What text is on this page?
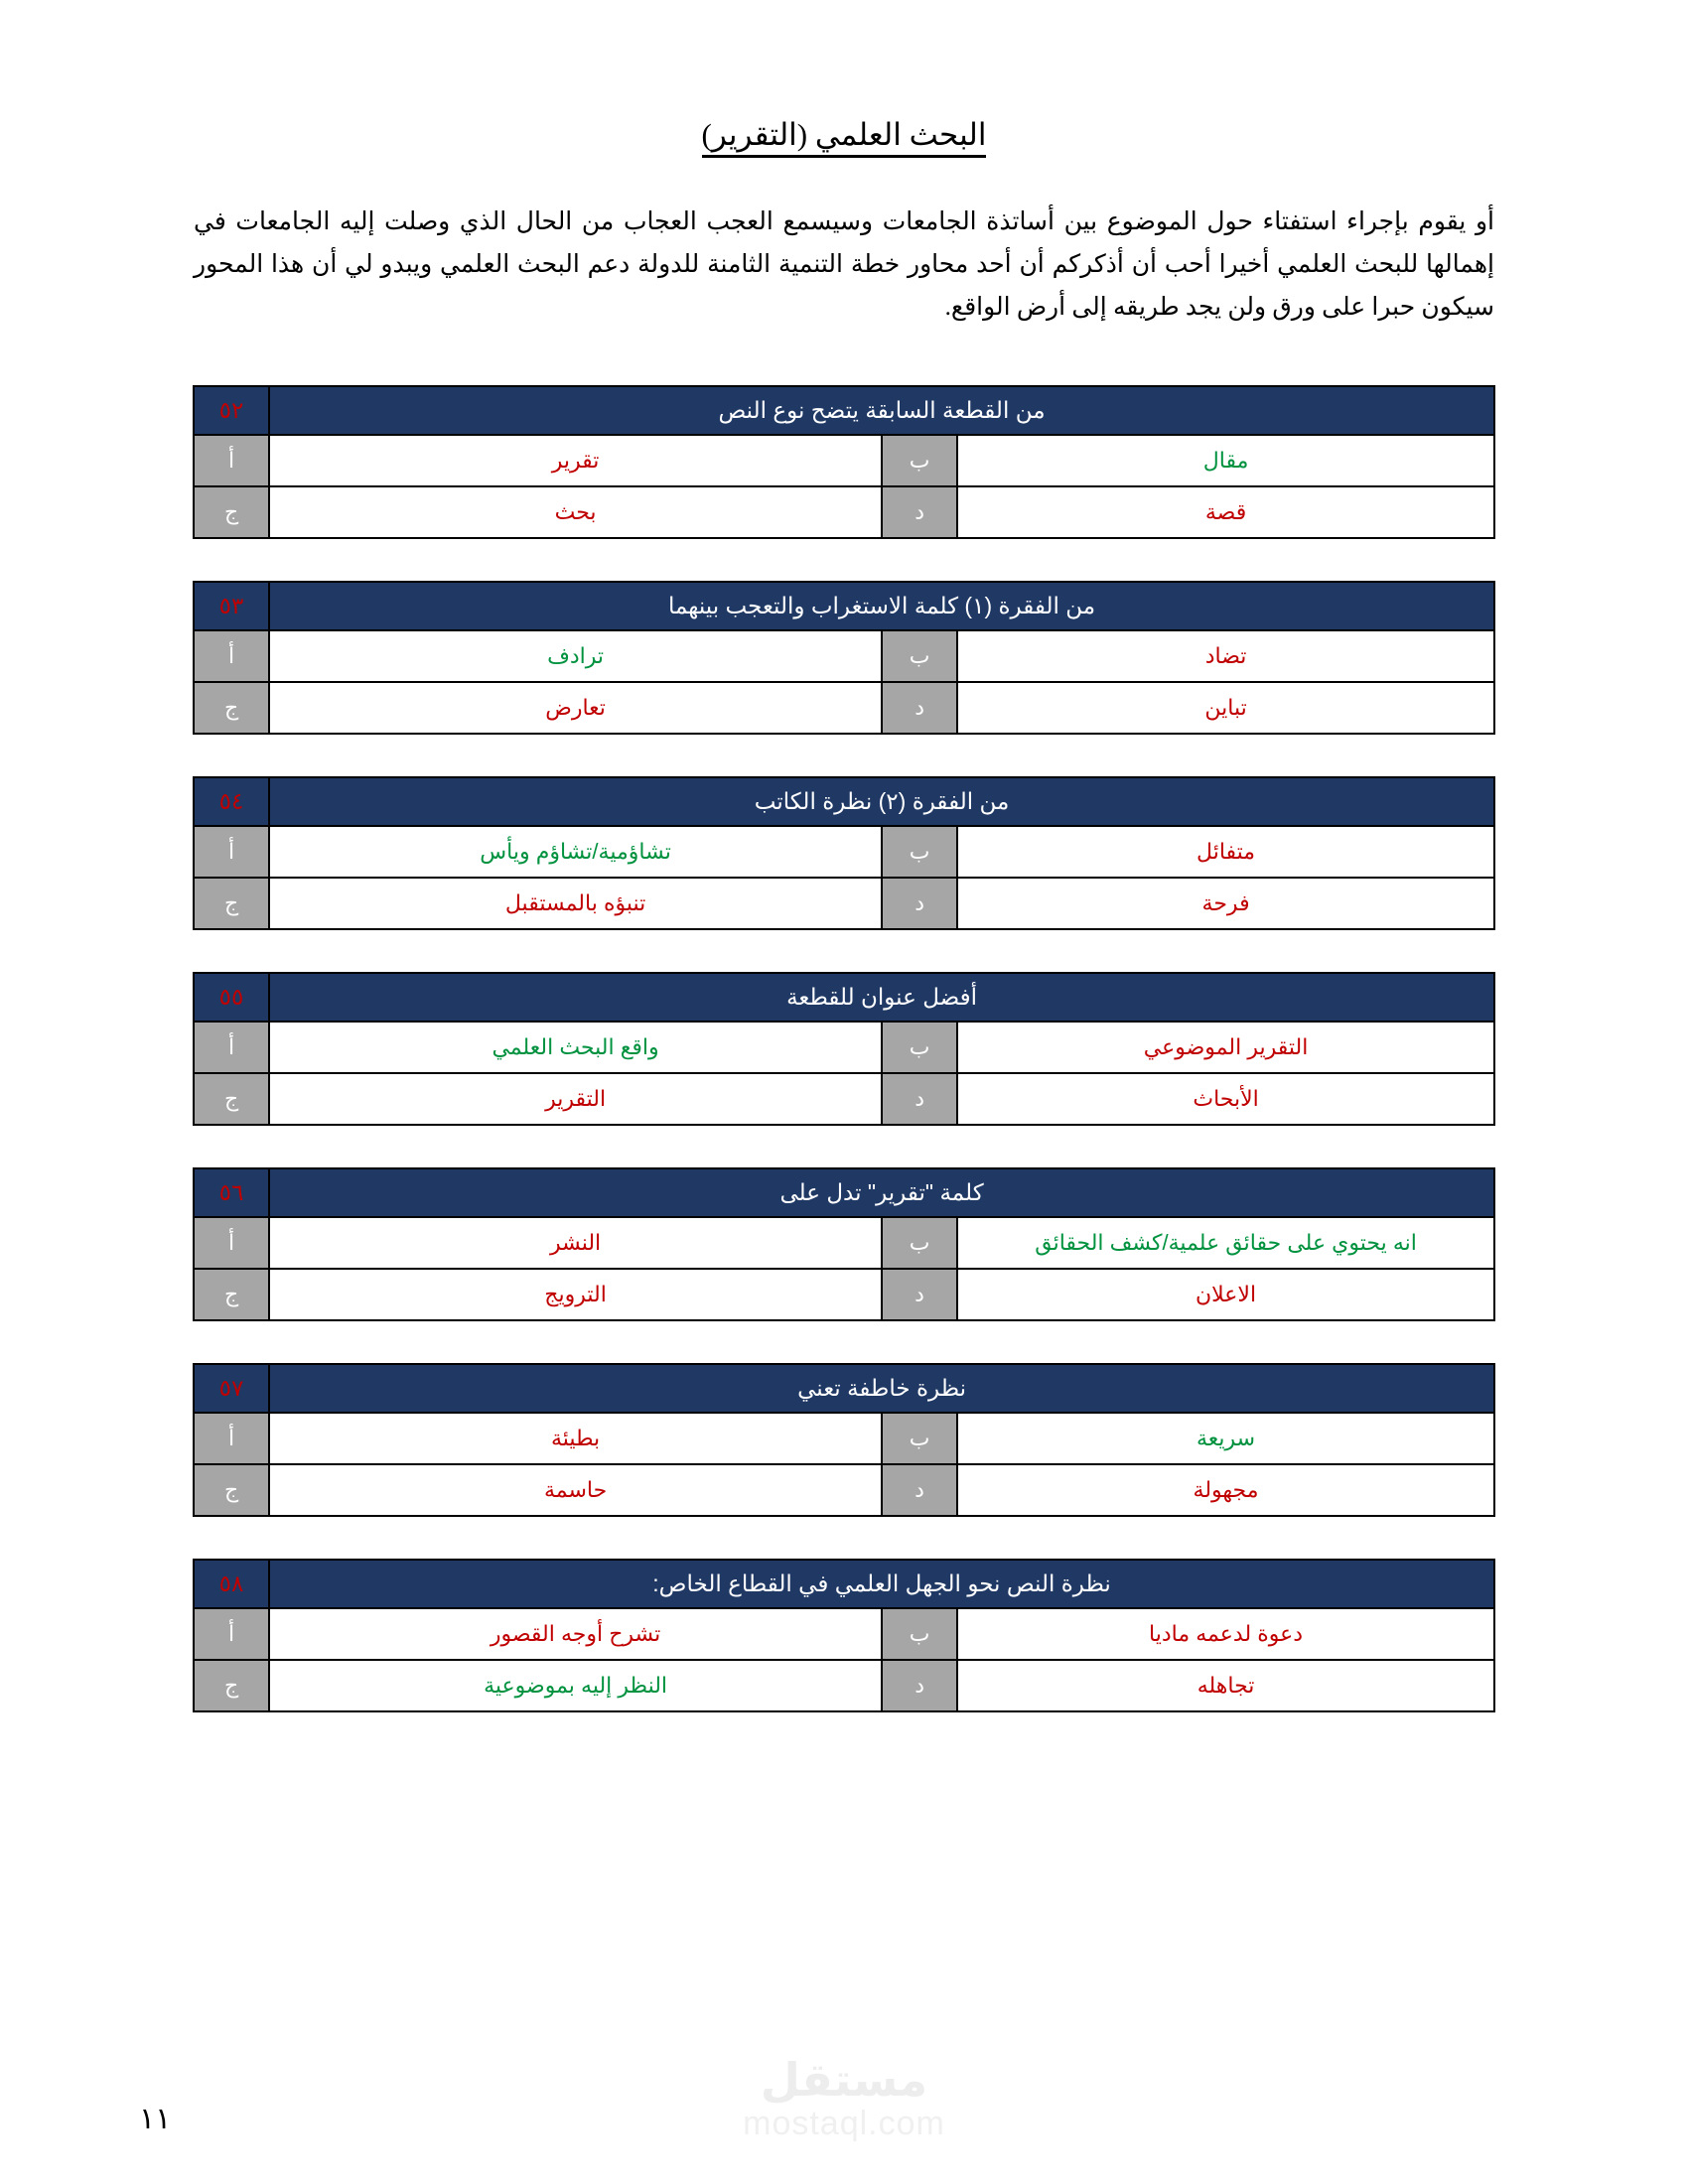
البحث العلمي (التقرير)

أو يقوم بإجراء استفتاء حول الموضوع بين أساتذة الجامعات وسيسمع العجب العجاب من الحال الذي وصلت إليه الجامعات في إهمالها للبحث العلمي أخيرا أحب أن أذكركم أن أحد محاور خطة التنمية الثامنة للدولة دعم البحث العلمي ويبدو لي أن هذا المحور سيكون حبرا على ورق ولن يجد طريقه إلى أرض الواقع.

من القطعة السابقة يتضح نوع النص			٥٢
مقال	ب	تقرير	أ
قصة	د	بحث	ج
من الفقرة (١) كلمة الاستغراب والتعجب بينهما			٥٣
تضاد	ب	ترادف	أ
تباين	د	تعارض	ج
من الفقرة (٢) نظرة الكاتب			٥٤
متفائل	ب	تشاؤمية/تشاؤم ويأس	أ
فرحة	د	تنبؤه بالمستقبل	ج
أفضل عنوان للقطعة			٥٥
التقرير الموضوعي	ب	واقع البحث العلمي	أ
الأبحاث	د	التقرير	ج
كلمة "تقرير" تدل على			٥٦
انه يحتوي على حقائق علمية/كشف الحقائق	ب	النشر	أ
الاعلان	د	الترويج	ج
نظرة خاطفة تعني			٥٧
سريعة	ب	بطيئة	أ
مجهولة	د	حاسمة	ج
نظرة النص نحو الجهل العلمي في القطاع الخاص:			٥٨
دعوة لدعمه ماديا	ب	تشرح أوجه القصور	أ
تجاهله	د	النظر إليه بموضوعية	ج
مستقل
mostaql.com
١١
